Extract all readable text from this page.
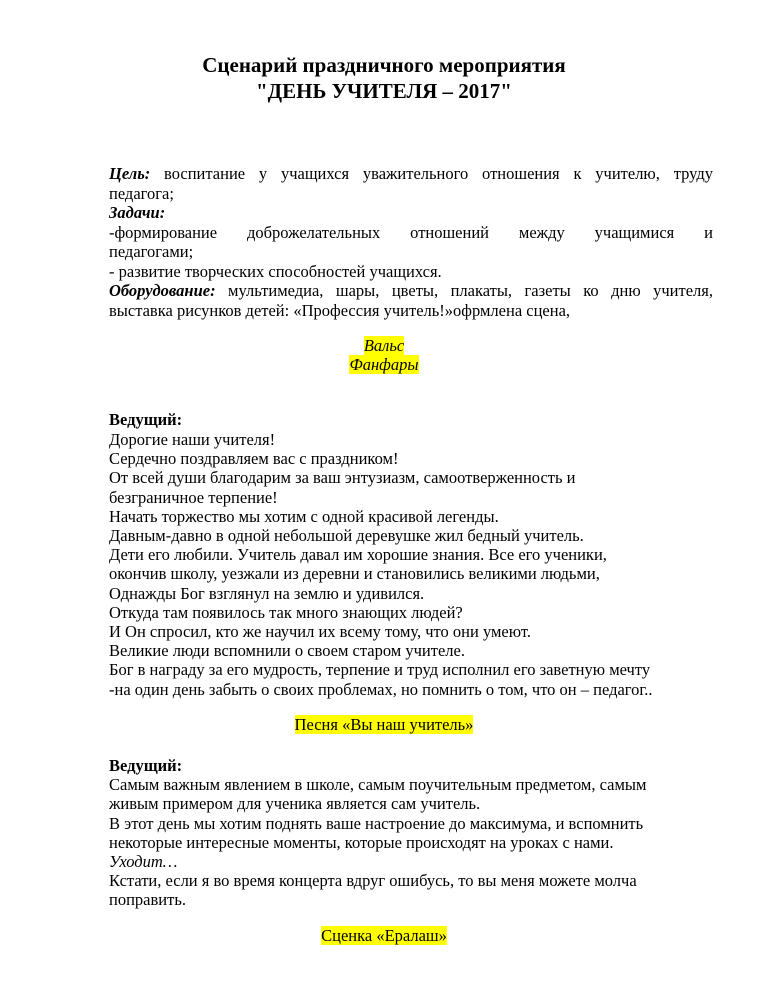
Сценарий праздничного мероприятия
"ДЕНЬ УЧИТЕЛЯ – 2017"
Цель: воспитание у учащихся уважительного отношения к учителю, труду
педагога;
Задачи:
-формирование доброжелательных отношений между учащимися и
педагогами;
- развитие творческих способностей учащихся.
Оборудование: мультимедиа, шары, цветы, плакаты, газеты ко дню учителя,
выставка рисунков детей: «Профессия учитель!»офрмлена сцена,
Вальс
Фанфары
Ведущий:
Дорогие наши учителя!
Сердечно поздравляем вас с праздником!
От всей души благодарим за ваш энтузиазм, самоотверженность и
безграничное терпение!
Начать торжество мы хотим с одной красивой легенды.
Давным-давно в одной небольшой деревушке жил бедный учитель.
Дети его любили. Учитель давал им хорошие знания. Все его ученики,
окончив школу, уезжали из деревни и становились великими людьми,
Однажды Бог взглянул на землю и удивился.
Откуда там появилось так много знающих людей?
И Он спросил, кто же научил их всему тому, что они умеют.
Великие люди вспомнили о своем старом учителе.
Бог в награду за его мудрость, терпение и труд исполнил его заветную мечту
-на один день забыть о своих проблемах, но помнить о том, что он – педагог..
Песня «Вы наш учитель»
Ведущий:
Самым важным явлением в школе, самым поучительным предметом, самым
живым примером для ученика является сам учитель.
В этот день мы хотим поднять ваше настроение до максимума, и вспомнить
некоторые интересные моменты, которые происходят на уроках с нами.
Уходит…
Кстати, если я во время концерта вдруг ошибусь, то вы меня можете молча
поправить.
Сценка «Ералаш»
